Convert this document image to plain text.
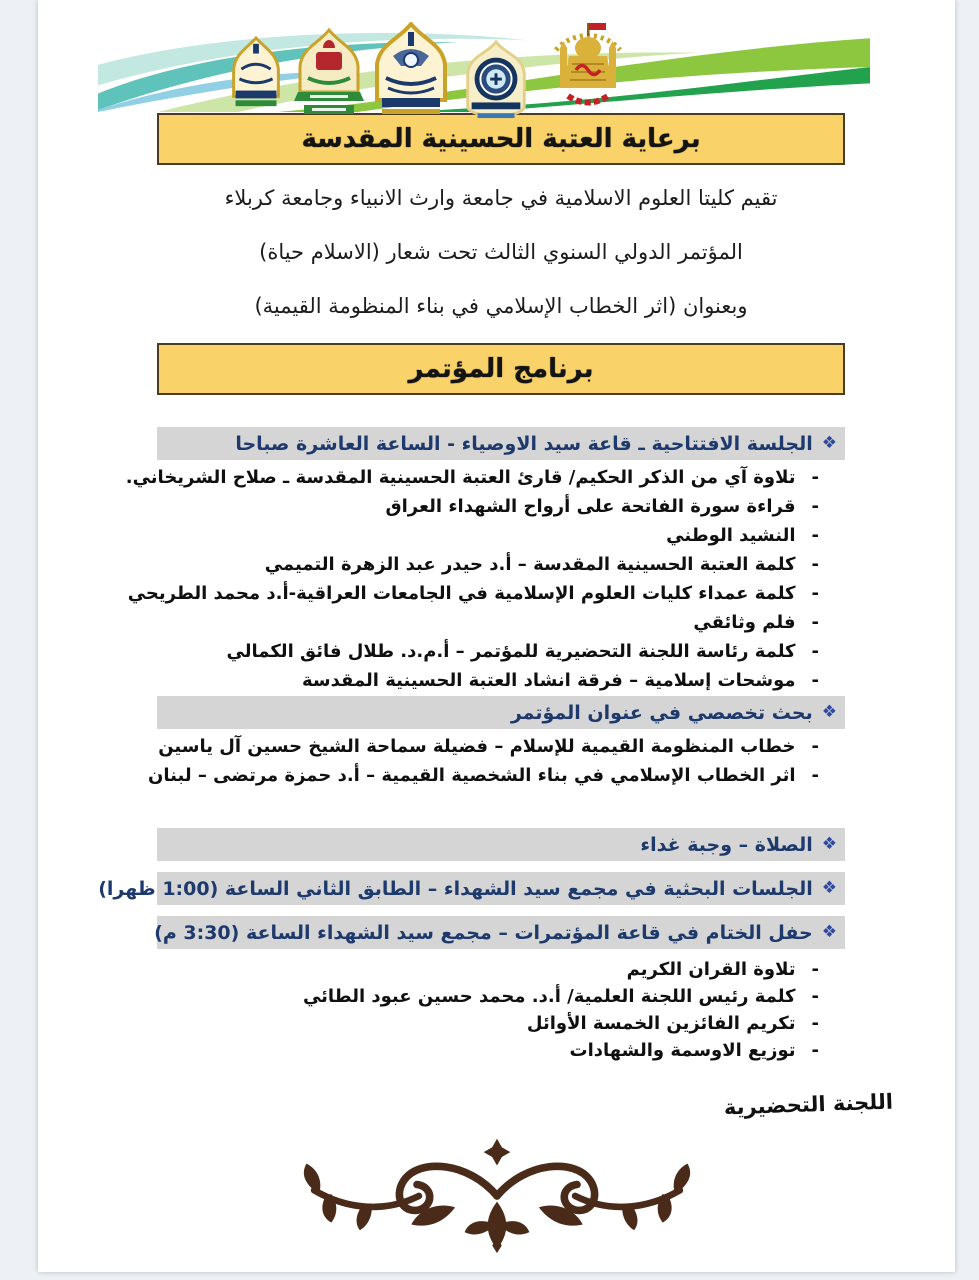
برعاية العتبة الحسينية المقدسة

تقيم كليتا العلوم الاسلامية في جامعة وارث الانبياء وجامعة كربلاء

المؤتمر الدولي السنوي الثالث تحت شعار (الاسلام حياة)

وبعنوان (اثر الخطاب الإسلامي في بناء المنظومة القيمية)

برنامج المؤتمر
❖
الجلسة الافتتاحية ـ قاعة سيد الاوصياء - الساعة العاشرة صباحا
-
تلاوة آي من الذكر الحكيم/ قارئ العتبة الحسينية المقدسة ـ صلاح الشريخاني.
-
قراءة سورة الفاتحة على أرواح الشهداء العراق
-
النشيد الوطني
-
كلمة العتبة الحسينية المقدسة – أ.د حيدر عبد الزهرة التميمي
-
كلمة عمداء كليات العلوم الإسلامية في الجامعات العراقية-أ.د محمد الطريحي
-
فلم وثائقي
-
كلمة رئاسة اللجنة التحضيرية للمؤتمر – أ.م.د. طلال فائق الكمالي
-
موشحات إسلامية – فرقة انشاد العتبة الحسينية المقدسة
❖
بحث تخصصي في عنوان المؤتمر
-
خطاب المنظومة القيمية للإسلام – فضيلة سماحة الشيخ حسين آل ياسين
-
اثر الخطاب الإسلامي في بناء الشخصية القيمية – أ.د حمزة مرتضى – لبنان
❖
الصلاة – وجبة غداء
❖
الجلسات البحثية في مجمع سيد الشهداء – الطابق الثاني الساعة (1:00 ظهرا)
❖
حفل الختام في قاعة المؤتمرات – مجمع سيد الشهداء الساعة (3:30 م)
-
تلاوة القران الكريم
-
كلمة رئيس اللجنة العلمية/ أ.د. محمد حسين عبود الطائي
-
تكريم الفائزين الخمسة الأوائل
-
توزيع الاوسمة والشهادات
اللجنة التحضيرية
